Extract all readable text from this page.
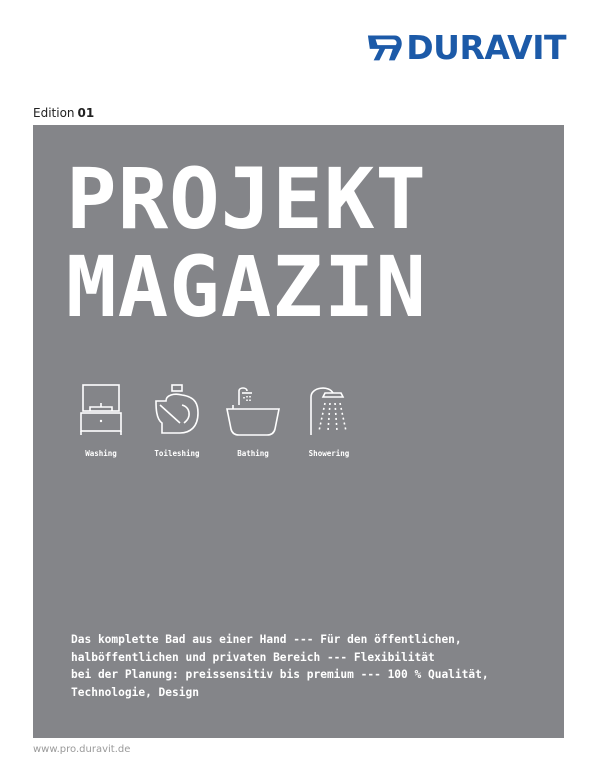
DURAVIT
Edition 01
PROJEKT
MAGAZIN
Washing	Toileshing	Bathing	Showering
Das komplette Bad aus einer Hand --- Für den öffentlichen,
halböffentlichen und privaten Bereich --- Flexibilität
bei der Planung: preissensitiv bis premium --- 100 % Qualität,
Technologie, Design
www.pro.duravit.de
